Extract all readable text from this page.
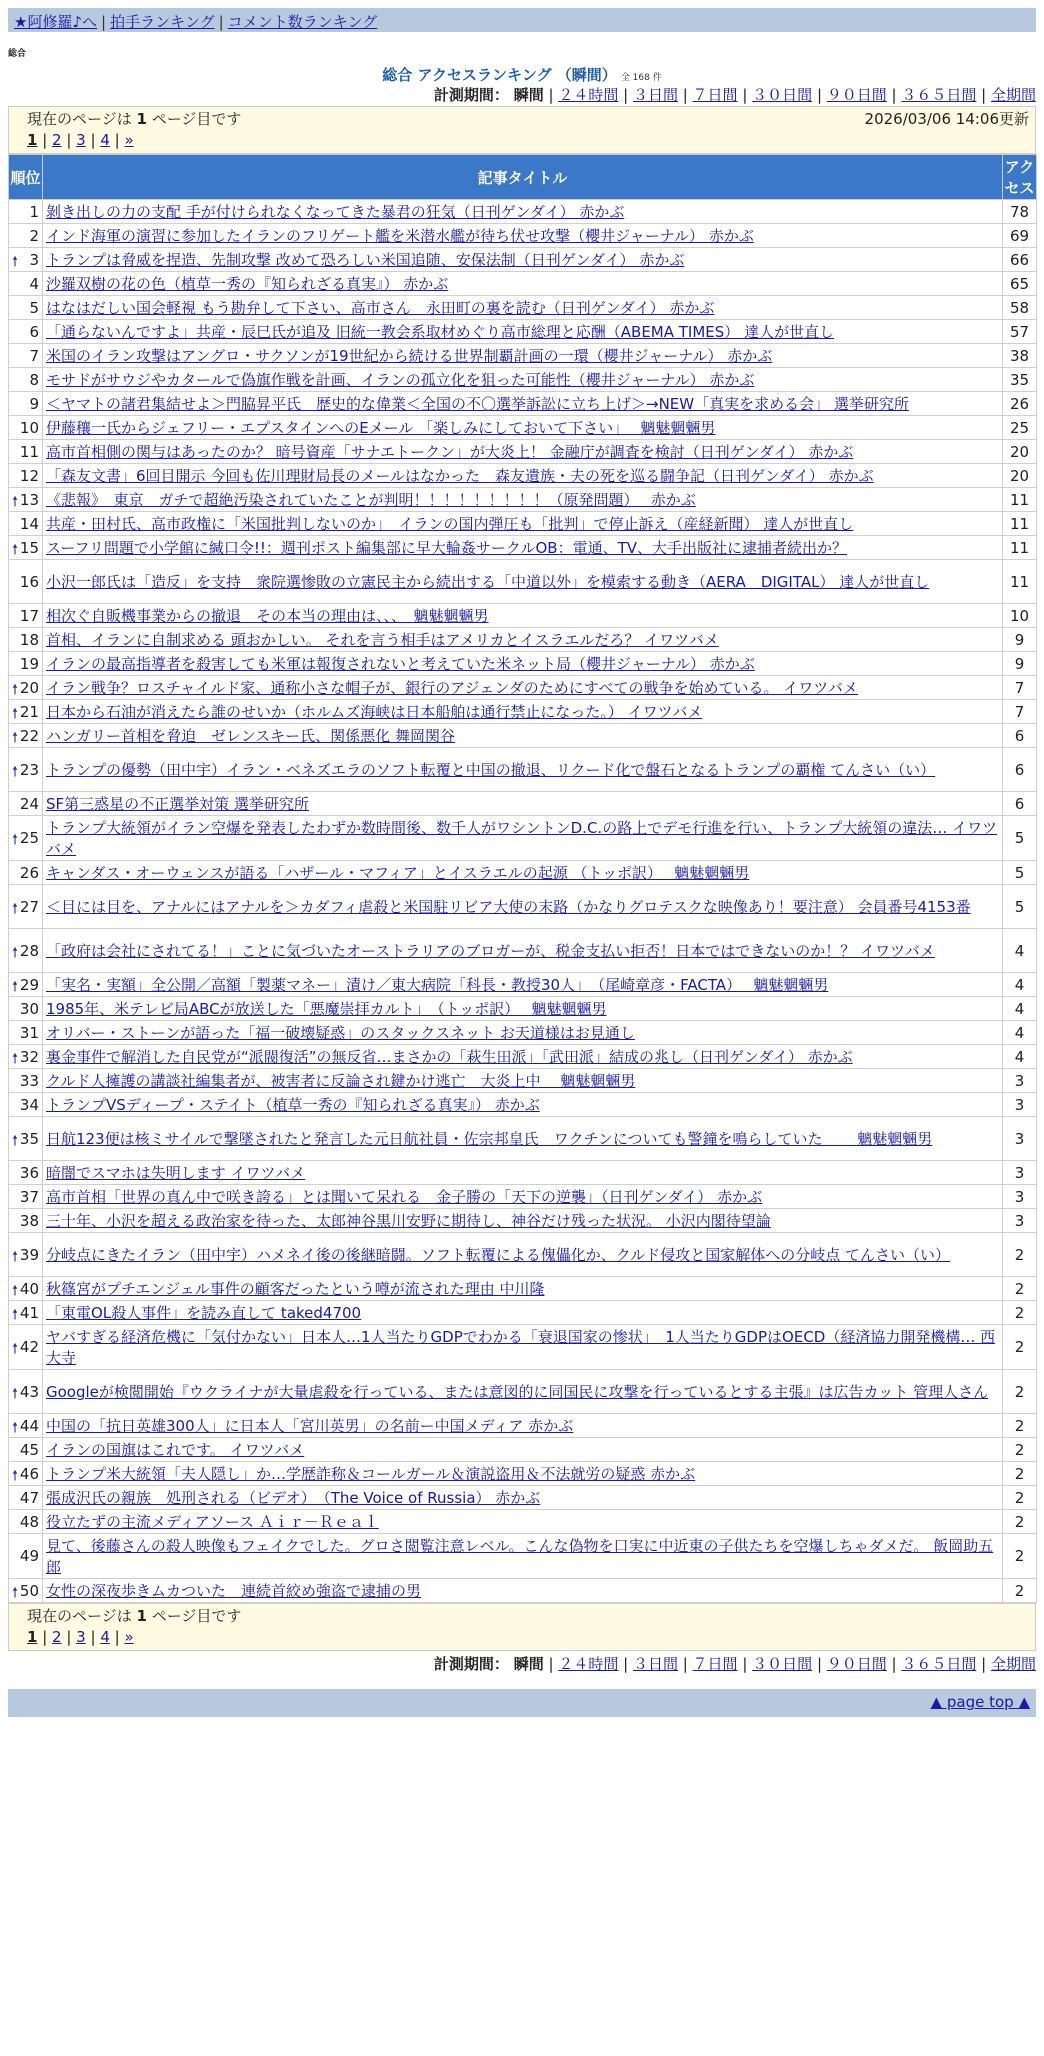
★阿修羅♪へ | 拍手ランキング | コメント数ランキング
総合
総合 アクセスランキング （瞬間） 全 168 件
計測期間： 瞬間 | ２４時間 | ３日間 | ７日間 | ３０日間 | ９０日間 | ３６５日間 | 全期間
現在のページは 1 ページ目です	2026/03/06 14:06更新
1 | 2 | 3 | 4 | »
順位	記事タイトル	アクセス
1	剝き出しの力の支配 手が付けられなくなってきた暴君の狂気（日刊ゲンダイ） 赤かぶ	78
2	インド海軍の演習に参加したイランのフリゲート艦を米潜水艦が待ち伏せ攻撃（櫻井ジャーナル） 赤かぶ	69

🠕 3	トランプは脅威を捏造、先制攻撃 改めて恐ろしい米国追随、安保法制（日刊ゲンダイ） 赤かぶ	66
4	沙羅双樹の花の色（植草一秀の『知られざる真実』） 赤かぶ	65
5	はなはだしい国会軽視 もう勘弁して下さい、高市さん　永田町の裏を読む（日刊ゲンダイ） 赤かぶ	58
6	「通らないんですよ」共産・辰巳氏が追及 旧統一教会系取材めぐり高市総理と応酬（ABEMA TIMES） 達人が世直し	57
7	米国のイラン攻撃はアングロ・サクソンが19世紀から続ける世界制覇計画の一環（櫻井ジャーナル） 赤かぶ	38
8	モサドがサウジやカタールで偽旗作戦を計画、イランの孤立化を狙った可能性（櫻井ジャーナル） 赤かぶ	35
9	＜ヤマトの諸君集結せよ＞門脇昇平氏　歴史的な偉業＜全国の不〇選挙訴訟に立ち上げ＞→NEW「真実を求める会」 選挙研究所	26
10	伊藤穰一氏からジェフリー・エプスタインへのEメール 「楽しみにしておいて下さい」　 魑魅魍魎男	25
11	高市首相側の関与はあったのか？ 暗号資産「サナエトークン」が大炎上！ 金融庁が調査を検討（日刊ゲンダイ） 赤かぶ	20
12	「森友文書」6回目開示 今回も佐川理財局長のメールはなかった　森友遺族・夫の死を巡る闘争記（日刊ゲンダイ） 赤かぶ	20

🠕 13	《悲報》　東京　ガチで超絶汚染されていたことが判明！！！！！！！！！（原発問題）　 赤かぶ	11
14	共産・田村氏、高市政権に「米国批判しないのか」　イランの国内弾圧も「批判」で停止訴え（産経新聞） 達人が世直し	11

🠕 15	スーフリ問題で小学館に緘口令!!：週刊ポスト編集部に早大輪姦サークルOB：電通、TV、大手出版社に逮捕者続出か？	11
16	小沢一郎氏は「造反」を支持　衆院選惨敗の立憲民主から続出する「中道以外」を模索する動き（AERA　DIGITAL） 達人が世直し	11
17	相次ぐ自販機事業からの撤退　その本当の理由は、、、　魑魅魍魎男	10
18	首相、イランに自制求める 頭おかしい。 それを言う相手はアメリカとイスラエルだろ？ イワツバメ	9
19	イランの最高指導者を殺害しても米軍は報復されないと考えていた米ネット局（櫻井ジャーナル） 赤かぶ	9

🠕 20	イラン戦争？ロスチャイルド家、通称小さな帽子が、銀行のアジェンダのためにすべての戦争を始めている。 イワツバメ	7

🠕 21	日本から石油が消えたら誰のせいか（ホルムズ海峡は日本船舶は通行禁止になった。） イワツバメ	7

🠕 22	ハンガリー首相を脅迫　ゼレンスキー氏、関係悪化 舞岡関谷	6

🠕 23	トランプの優勢（田中宇）イラン・ベネズエラのソフト転覆と中国の撤退、リクード化で盤石となるトランプの覇権 てんさい（い）	6
24	SF第三惑星の不正選挙対策 選挙研究所	6

🠕 25	トランプ大統領がイラン空爆を発表したわずか数時間後、数千人がワシントンD.C.の路上でデモ行進を行い、トランプ大統領の違法… イワツバメ	5
26	キャンダス・オーウェンスが語る「ハザール・マフィア」とイスラエルの起源 （トッポ訳）　 魑魅魍魎男	5

🠕 27	＜目には目を、アナルにはアナルを＞カダフィ虐殺と米国駐リビア大使の末路（かなりグロテスクな映像あり！要注意） 会員番号4153番	5

🠕 28	「政府は会社にされてる！」ことに気づいたオーストラリアのブロガーが、税金支払い拒否！日本ではできないのか！？ イワツバメ	4

🠕 29	「実名・実額」全公開／高額「製薬マネー」漬け／東大病院「科長・教授30人」　（尾崎章彦・FACTA）　 魑魅魍魎男	4
30	1985年、米テレビ局ABCが放送した「悪魔崇拝カルト」　（トッポ訳）　 魑魅魍魎男	4
31	オリバー・ストーンが語った「福一破壊疑惑」のスタックスネット お天道様はお見通し	4

🠕 32	裏金事件で解消した自民党が“派閥復活”の無反省…まさかの「萩生田派」「武田派」結成の兆し（日刊ゲンダイ） 赤かぶ	4
33	クルド人擁護の講談社編集者が、被害者に反論され鍵かけ逃亡　大炎上中　 魑魅魍魎男	3
34	トランプVSディープ・ステイト（植草一秀の『知られざる真実』） 赤かぶ	3

🠕 35	日航123便は核ミサイルで撃墜されたと発言した元日航社員・佐宗邦皇氏　ワクチンについても警鐘を鳴らしていた　　 魑魅魍魎男	3
36	暗闇でスマホは失明します イワツバメ	3
37	高市首相「世界の真ん中で咲き誇る」とは聞いて呆れる　金子勝の「天下の逆襲」（日刊ゲンダイ） 赤かぶ	3
38	三十年、小沢を超える政治家を待った、太郎神谷黒川安野に期待し、神谷だけ残った状況。 小沢内閣待望論	3

🠕 39	分岐点にきたイラン（田中宇）ハメネイ後の後継暗闘。ソフト転覆による傀儡化か、クルド侵攻と国家解体への分岐点 てんさい（い）	2

🠕 40	秋篠宮がプチエンジェル事件の顧客だったという噂が流された理由 中川隆	2

🠕 41	「東電OL殺人事件」を読み直して taked4700	2

🠕 42	ヤバすぎる経済危機に「気付かない」日本人…1人当たりGDPでわかる「衰退国家の惨状」　1人当たりGDPはOECD（経済協力開発機構… 西大寺	2

🠕 43	Googleが検閲開始『ウクライナが大量虐殺を行っている、または意図的に同国民に攻撃を行っているとする主張』は広告カット 管理人さん	2

🠕 44	中国の「抗日英雄300人」に日本人「宮川英男」の名前ー中国メディア 赤かぶ	2
45	イランの国旗はこれです。 イワツバメ	2

🠕 46	トランプ米大統領「夫人隠し」か…学歴詐称＆コールガール＆演説盗用＆不法就労の疑惑 赤かぶ	2
47	張成沢氏の親族　処刑される（ビデオ）　（The Voice of Russia） 赤かぶ	2
48	役立たずの主流メディアソース Ａｉｒ－Ｒｅａｌ	2
49	見て、後藤さんの殺人映像もフェイクでした。グロさ閲覧注意レベル。こんな偽物を口実に中近東の子供たちを空爆しちゃダメだ。 飯岡助五郎	2

🠕 50	女性の深夜歩きムカついた　連続首絞め強盗で逮捕の男	2
現在のページは 1 ページ目です
1 | 2 | 3 | 4 | »
計測期間： 瞬間 | ２４時間 | ３日間 | ７日間 | ３０日間 | ９０日間 | ３６５日間 | 全期間
▲ page top ▲
